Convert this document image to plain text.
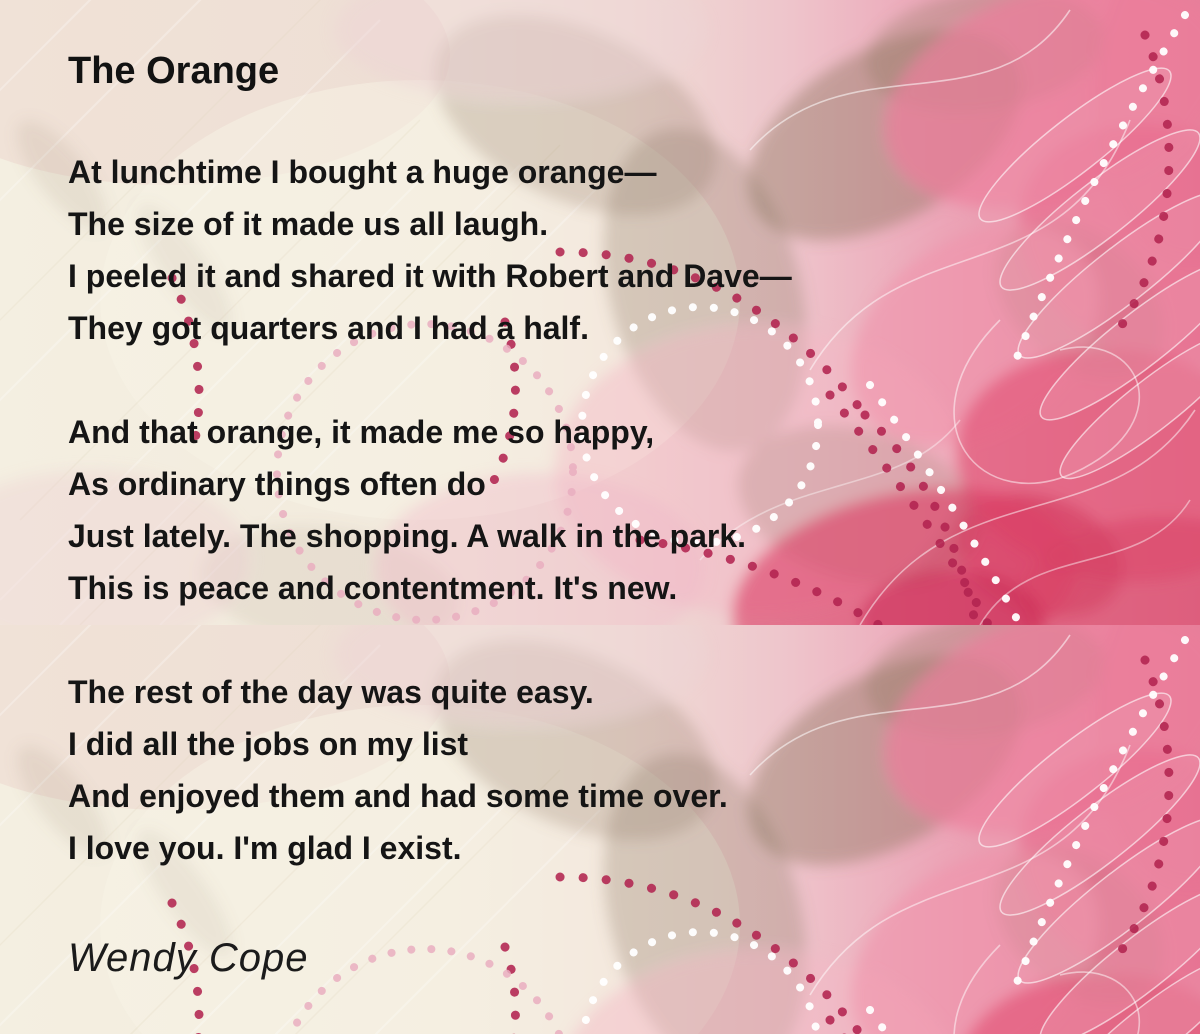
The Orange
At lunchtime I bought a huge orange—
The size of it made us all laugh.
I peeled it and shared it with Robert and Dave—
They got quarters and I had a half.
And that orange, it made me so happy,
As ordinary things often do
Just lately. The shopping. A walk in the park.
This is peace and contentment. It's new.
The rest of the day was quite easy.
I did all the jobs on my list
And enjoyed them and had some time over.
I love you. I'm glad I exist.
Wendy Cope
